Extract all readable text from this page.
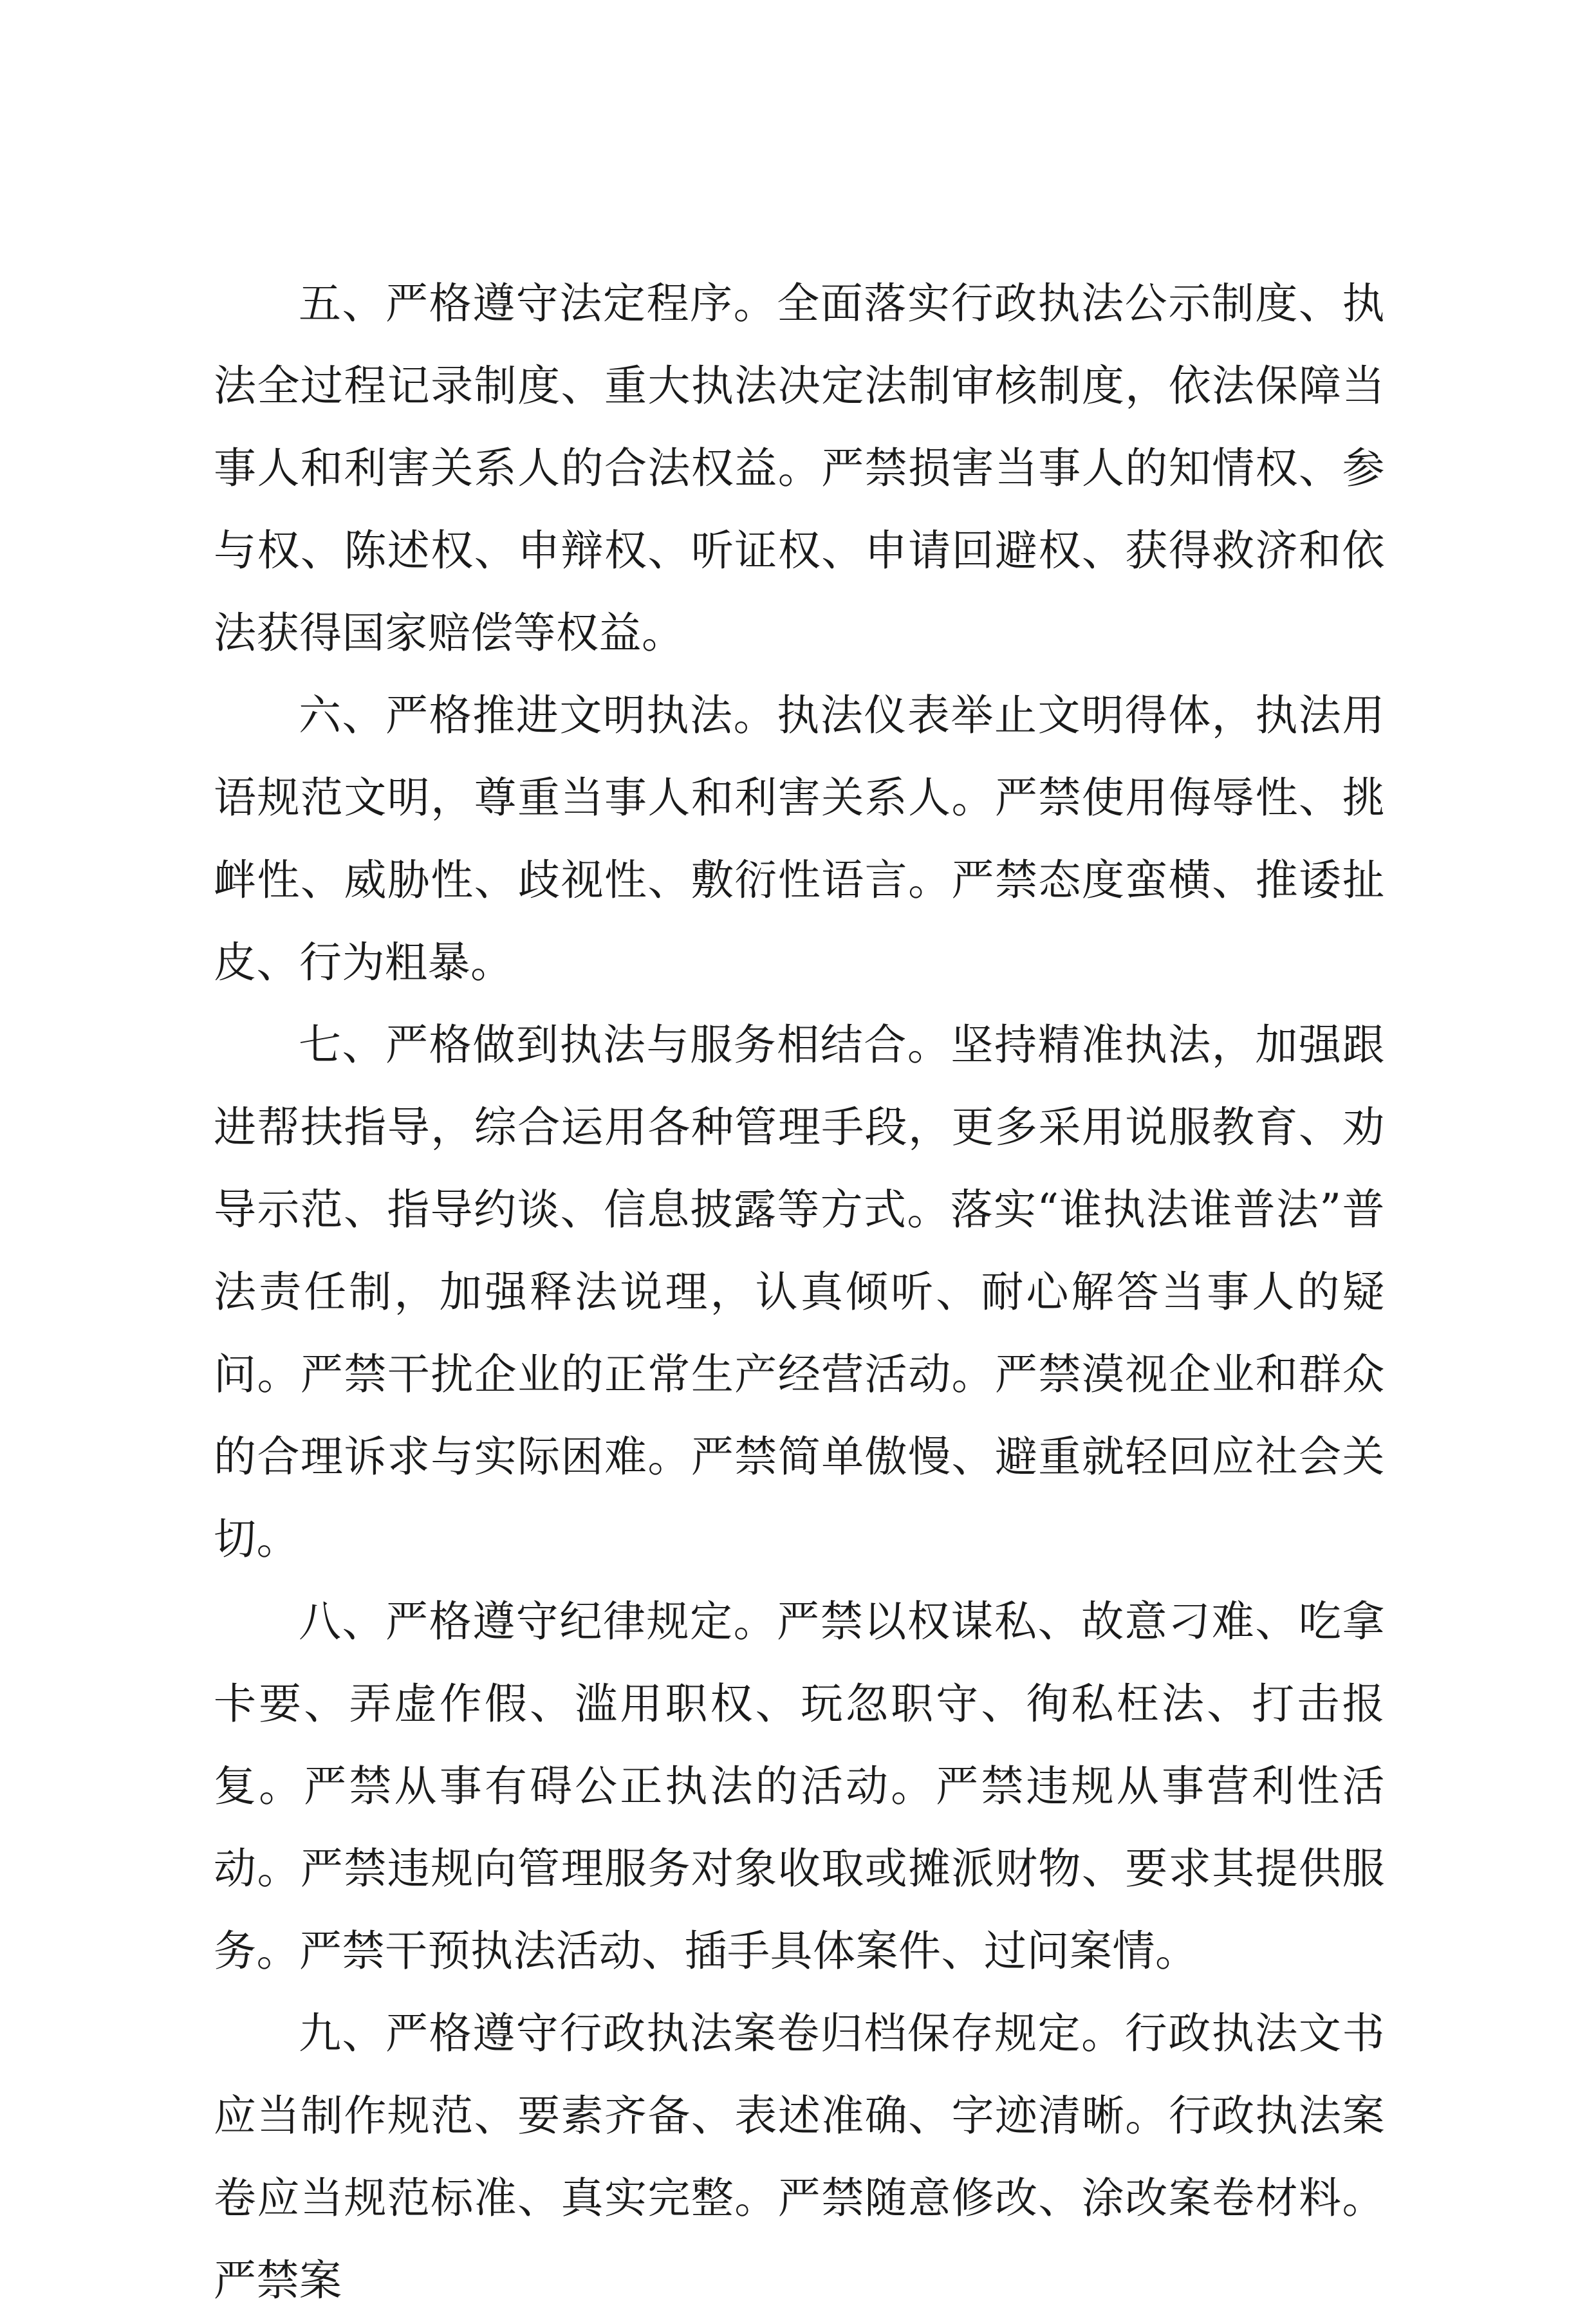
五、严格遵守法定程序。全面落实行政执法公示制度、执法全过程记录制度、重大执法决定法制审核制度，依法保障当事人和利害关系人的合法权益。严禁损害当事人的知情权、参与权、陈述权、申辩权、听证权、申请回避权、获得救济和依法获得国家赔偿等权益。

六、严格推进文明执法。执法仪表举止文明得体，执法用语规范文明，尊重当事人和利害关系人。严禁使用侮辱性、挑衅性、威胁性、歧视性、敷衍性语言。严禁态度蛮横、推诿扯皮、行为粗暴。

七、严格做到执法与服务相结合。坚持精准执法，加强跟进帮扶指导，综合运用各种管理手段，更多采用说服教育、劝导示范、指导约谈、信息披露等方式。落实“谁执法谁普法”普法责任制，加强释法说理，认真倾听、耐心解答当事人的疑问。严禁干扰企业的正常生产经营活动。严禁漠视企业和群众的合理诉求与实际困难。严禁简单傲慢、避重就轻回应社会关切。

八、严格遵守纪律规定。严禁以权谋私、故意刁难、吃拿卡要、弄虚作假、滥用职权、玩忽职守、徇私枉法、打击报复。严禁从事有碍公正执法的活动。严禁违规从事营利性活动。严禁违规向管理服务对象收取或摊派财物、要求其提供服务。严禁干预执法活动、插手具体案件、过问案情。

九、严格遵守行政执法案卷归档保存规定。行政执法文书应当制作规范、要素齐备、表述准确、字迹清晰。行政执法案卷应当规范标准、真实完整。严禁随意修改、涂改案卷材料。严禁案
